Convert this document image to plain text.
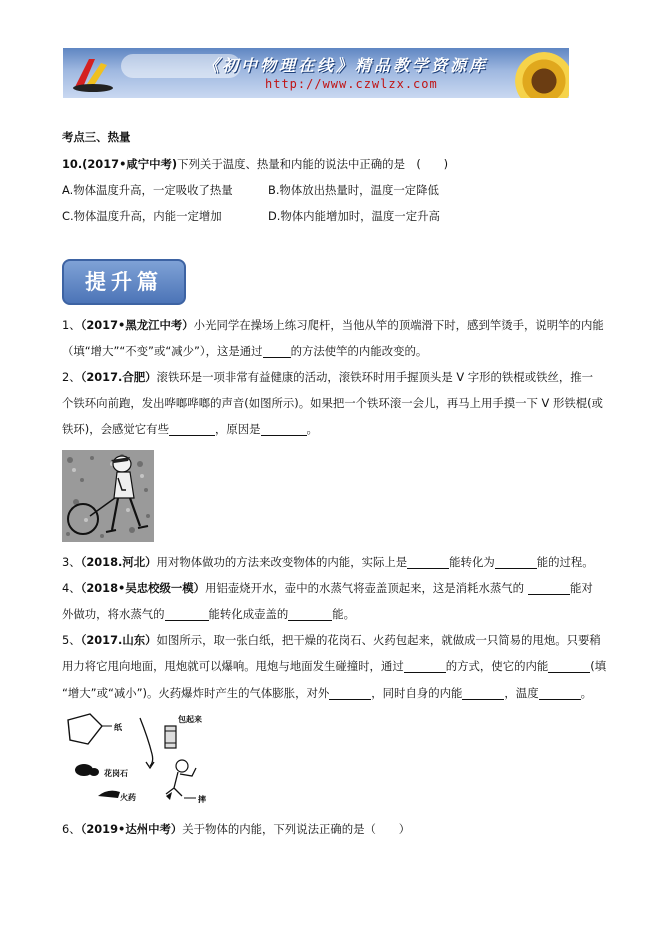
《初中物理在线》精品教学资源库
http://www.czwlzx.com
考点三、热量
10.(2017•咸宁中考)下列关于温度、热量和内能的说法中正确的是　(　　)
A.物体温度升高，一定吸收了热量	B.物体放出热量时，温度一定降低
C.物体温度升高，内能一定增加	D.物体内能增加时，温度一定升高
提升篇
1、（2017•黑龙江中考）小光同学在操场上练习爬杆，当他从竿的顶端滑下时，感到竿烫手，说明竿的内能
（填“增大”“不变”或“减少”），这是通过 的方法使竿的内能改变的。
2、（2017.合肥）滚铁环是一项非常有益健康的活动，滚铁环时用手握顶头是 V 字形的铁棍或铁丝，推一
个铁环向前跑，发出哗啷哗啷的声音(如图所示)。如果把一个铁环滚一会儿，再马上用手摸一下 V 形铁棍(或
铁环)，会感觉它有些	，原因是	。
3、（2018.河北）用对物体做功的方法来改变物体的内能，实际上是	能转化为	能的过程。
4、（2018•吴忠校级一模）用铝壶烧开水，壶中的水蒸气将壶盖顶起来，这是消耗水蒸气的	能对
外做功，将水蒸气的	能转化成壶盖的	能。
5、（2017.山东）如图所示，取一张白纸，把干燥的花岗石、火药包起来，就做成一只简易的甩炮。只要稍
用力将它甩向地面，甩炮就可以爆响。甩炮与地面发生碰撞时，通过	的方式，使它的内能	(填
“增大”或“减小”)。火药爆炸时产生的气体膨胀，对外	，同时自身的内能	，温度	。
纸
包起来
花岗石
火药	摔
6、（2019•达州中考）关于物体的内能，下列说法正确的是（　　）
